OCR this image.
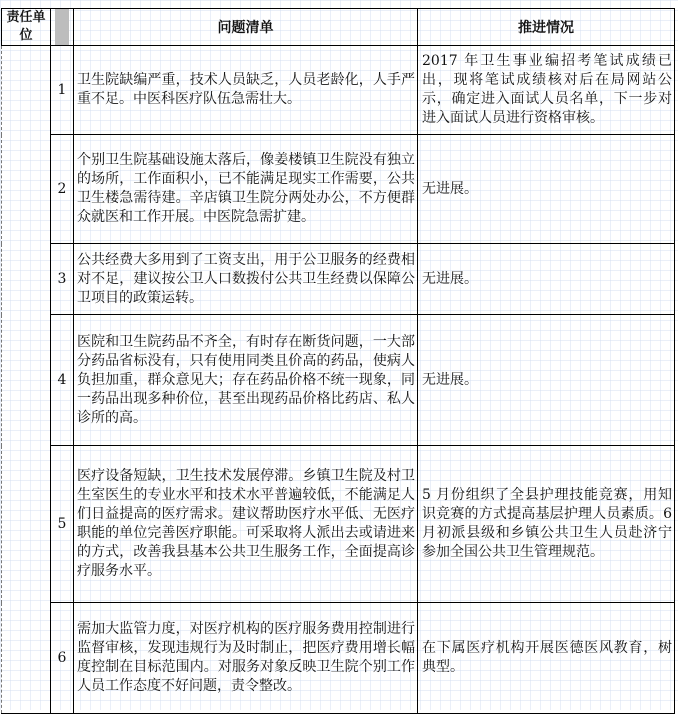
责任单位		问题清单	推进情况
	1	卫生院缺编严重，技术人员缺乏，人员老龄化，人手严重不足。中医科医疗队伍急需壮大。	2017 年卫生事业编招考笔试成绩已出，现将笔试成绩核对后在局网站公示，确定进入面试人员名单，下一步对进入面试人员进行资格审核。
	2	个别卫生院基础设施太落后，像姜楼镇卫生院没有独立的场所，工作面积小，已不能满足现实工作需要，公共卫生楼急需待建。辛店镇卫生院分两处办公，不方便群众就医和工作开展。中医院急需扩建。	无进展。
	3	公共经费大多用到了工资支出，用于公卫服务的经费相对不足，建议按公卫人口数拨付公共卫生经费以保障公卫项目的政策运转。	无进展。
	4	医院和卫生院药品不齐全，有时存在断货问题，一大部分药品省标没有，只有使用同类且价高的药品，使病人负担加重，群众意见大；存在药品价格不统一现象，同一药品出现多种价位，甚至出现药品价格比药店、私人诊所的高。	无进展。
	5	医疗设备短缺，卫生技术发展停滞。乡镇卫生院及村卫生室医生的专业水平和技术水平普遍较低，不能满足人们日益提高的医疗需求。建议帮助医疗水平低、无医疗职能的单位完善医疗职能。可采取将人派出去或请进来的方式，改善我县基本公共卫生服务工作，全面提高诊疗服务水平。	5 月份组织了全县护理技能竞赛，用知识竞赛的方式提高基层护理人员素质。6 月初派县级和乡镇公共卫生人员赴济宁参加全国公共卫生管理规范。
	6	需加大监管力度，对医疗机构的医疗服务费用控制进行监督审核，发现违规行为及时制止，把医疗费用增长幅度控制在目标范围内。对服务对象反映卫生院个别工作人员工作态度不好问题，责令整改。	在下属医疗机构开展医德医风教育，树典型。
